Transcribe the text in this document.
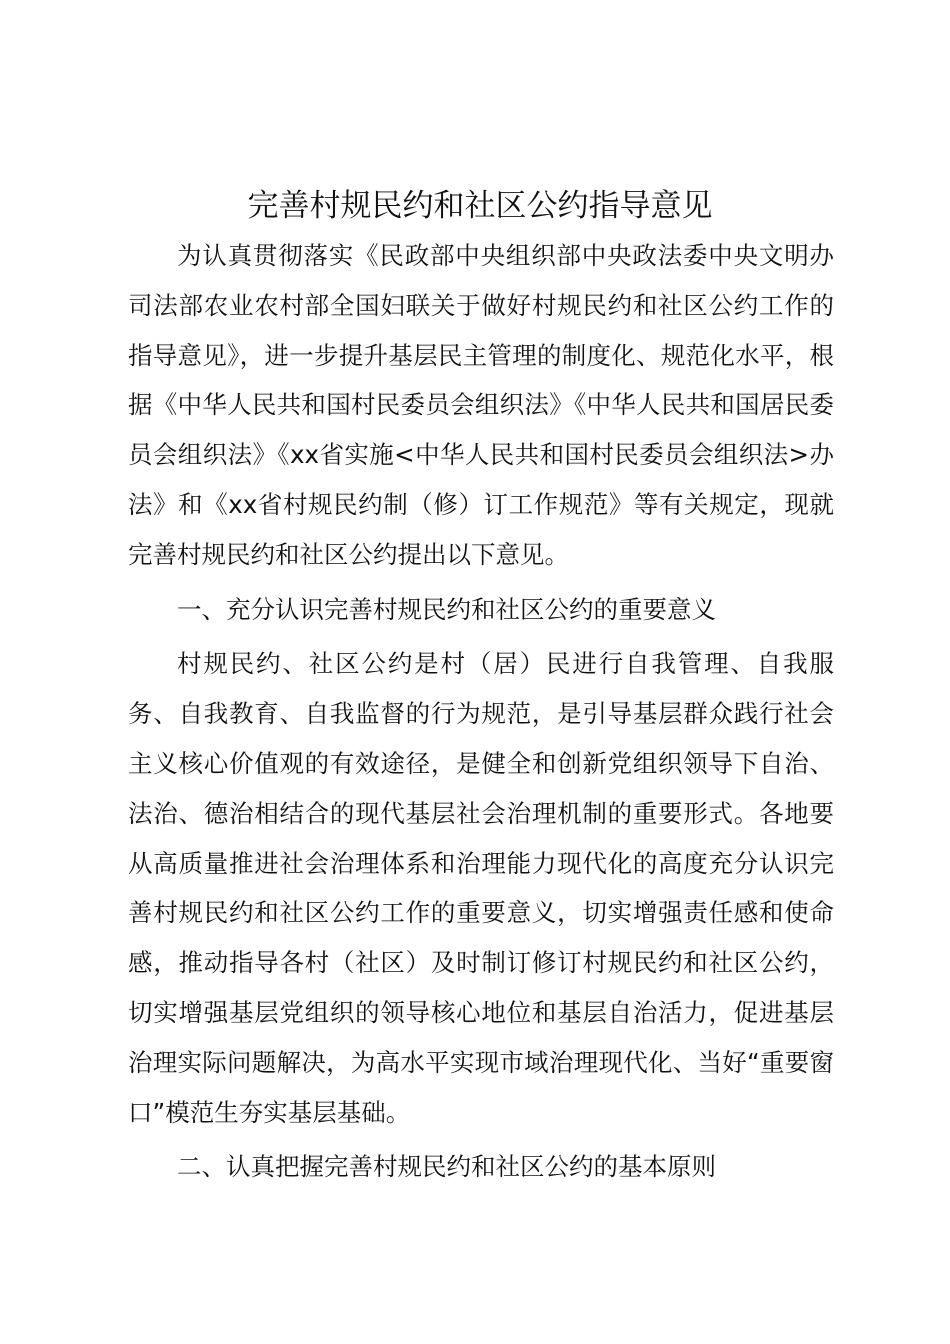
完善村规民约和社区公约指导意见

为认真贯彻落实《民政部中央组织部中央政法委中央文明办司法部农业农村部全国妇联关于做好村规民约和社区公约工作的指导意见》，进一步提升基层民主管理的制度化、规范化水平，根据《中华人民共和国村民委员会组织法》《中华人民共和国居民委员会组织法》《xx省实施<中华人民共和国村民委员会组织法>办法》和《xx省村规民约制（修）订工作规范》等有关规定，现就完善村规民约和社区公约提出以下意见。

一、充分认识完善村规民约和社区公约的重要意义

村规民约、社区公约是村（居）民进行自我管理、自我服务、自我教育、自我监督的行为规范，是引导基层群众践行社会主义核心价值观的有效途径，是健全和创新党组织领导下自治、法治、德治相结合的现代基层社会治理机制的重要形式。各地要从高质量推进社会治理体系和治理能力现代化的高度充分认识完善村规民约和社区公约工作的重要意义，切实增强责任感和使命感，推动指导各村（社区）及时制订修订村规民约和社区公约，切实增强基层党组织的领导核心地位和基层自治活力，促进基层治理实际问题解决，为高水平实现市域治理现代化、当好“重要窗口”模范生夯实基层基础。

二、认真把握完善村规民约和社区公约的基本原则
